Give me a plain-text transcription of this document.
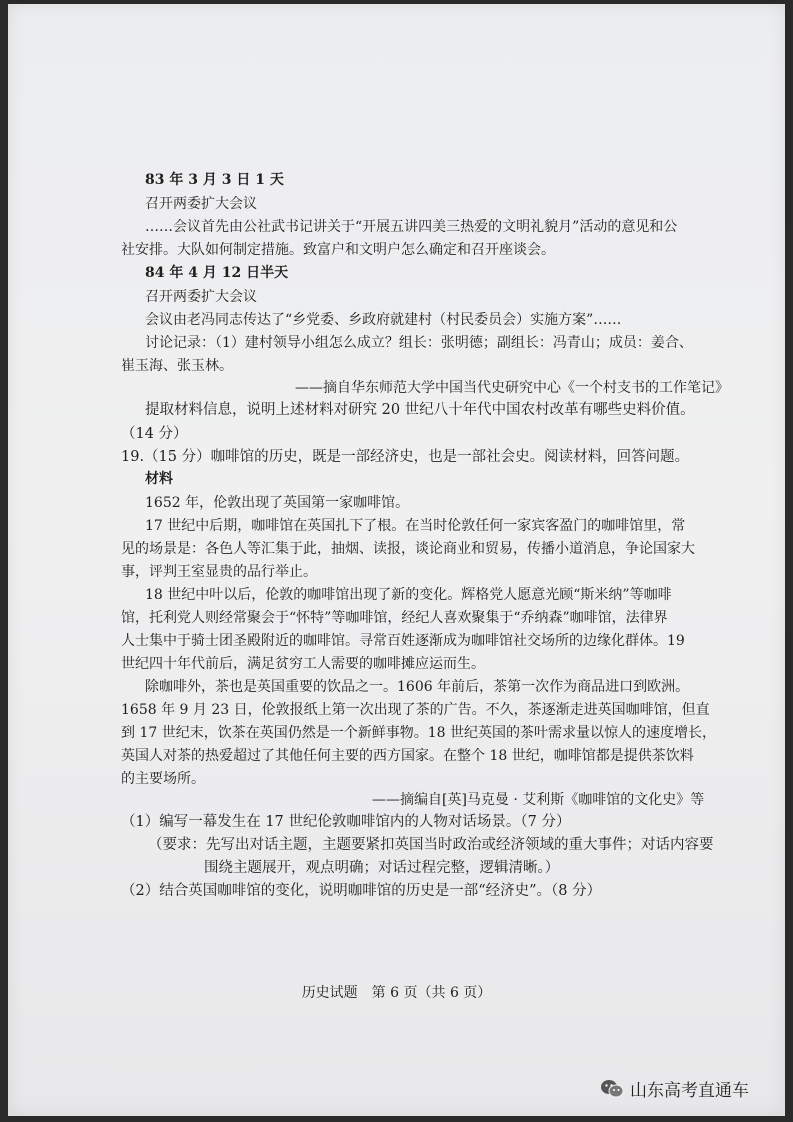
83 年 3 月 3 日 1 天
召开两委扩大会议
……会议首先由公社武书记讲关于“开展五讲四美三热爱的文明礼貌月”活动的意见和公
社安排。大队如何制定措施。致富户和文明户怎么确定和召开座谈会。
84 年 4 月 12 日半天
召开两委扩大会议
会议由老冯同志传达了“乡党委、乡政府就建村（村民委员会）实施方案”……
讨论记录：（1）建村领导小组怎么成立？组长：张明德；副组长：冯青山；成员：姜合、
崔玉海、张玉林。
——摘自华东师范大学中国当代史研究中心《一个村支书的工作笔记》
提取材料信息，说明上述材料对研究 20 世纪八十年代中国农村改革有哪些史料价值。
（14 分）
19.（15 分）咖啡馆的历史，既是一部经济史，也是一部社会史。阅读材料，回答问题。
材料
1652 年，伦敦出现了英国第一家咖啡馆。
17 世纪中后期，咖啡馆在英国扎下了根。在当时伦敦任何一家宾客盈门的咖啡馆里，常
见的场景是：各色人等汇集于此，抽烟、读报，谈论商业和贸易，传播小道消息，争论国家大
事，评判王室显贵的品行举止。
18 世纪中叶以后，伦敦的咖啡馆出现了新的变化。辉格党人愿意光顾“斯米纳”等咖啡
馆，托利党人则经常聚会于“怀特”等咖啡馆，经纪人喜欢聚集于“乔纳森”咖啡馆，法律界
人士集中于骑士团圣殿附近的咖啡馆。寻常百姓逐渐成为咖啡馆社交场所的边缘化群体。19
世纪四十年代前后，满足贫穷工人需要的咖啡摊应运而生。
除咖啡外，茶也是英国重要的饮品之一。1606 年前后，茶第一次作为商品进口到欧洲。
1658 年 9 月 23 日，伦敦报纸上第一次出现了茶的广告。不久，茶逐渐走进英国咖啡馆，但直
到 17 世纪末，饮茶在英国仍然是一个新鲜事物。18 世纪英国的茶叶需求量以惊人的速度增长，
英国人对茶的热爱超过了其他任何主要的西方国家。在整个 18 世纪，咖啡馆都是提供茶饮料
的主要场所。
——摘编自[英]马克曼 · 艾利斯《咖啡馆的文化史》等
（1）编写一幕发生在 17 世纪伦敦咖啡馆内的人物对话场景。（7 分）
（要求：先写出对话主题，主题要紧扣英国当时政治或经济领域的重大事件；对话内容要
围绕主题展开，观点明确；对话过程完整，逻辑清晰。）
（2）结合英国咖啡馆的变化，说明咖啡馆的历史是一部“经济史”。（8 分）
历史试题　第 6 页（共 6 页）
山东高考直通车
